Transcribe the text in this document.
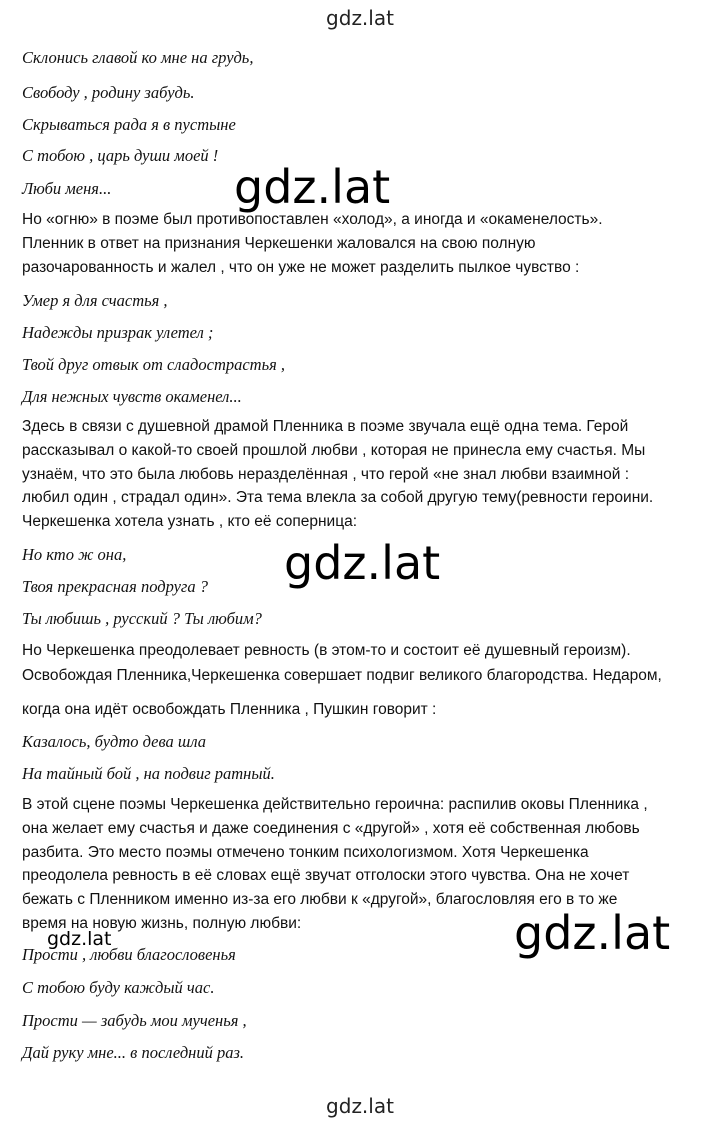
gdz.lat
Склонись главой ко мне на грудь,
Свободу , родину забудь.
Скрываться рада я в пустыне
С тобою , царь души моей !
Люби меня...
Но «огню» в поэме был противопоставлен «холод», а иногда и «окаменелость».
Пленник в ответ на признания Черкешенки жаловался на свою полную
разочарованность и жалел , что он уже не может разделить пылкое чувство :
Умер я для счастья ,
Надежды призрак улетел ;
Твой друг отвык от сладострастья ,
Для нежных чувств окаменел...
Здесь в связи с душевной драмой Пленника в поэме звучала ещё одна тема. Герой
рассказывал о какой-то своей прошлой любви , которая не принесла ему счастья. Мы
узнаём, что это была любовь неразделённая , что герой «не знал любви взаимной :
любил один , страдал один». Эта тема влекла за собой другую тему(ревности героини.
Черкешенка хотела узнать , кто её соперница:
Но кто ж она,
Твоя прекрасная подруга ?
Ты любишь , русский ? Ты любим?
Но Черкешенка преодолевает ревность (в этом-то и состоит её душевный героизм).
Освобождая Пленника,Черкешенка совершает подвиг великого благородства. Недаром,
когда она идёт освобождать Пленника , Пушкин говорит :
Казалось, будто дева шла
На тайный бой , на подвиг ратный.
В этой сцене поэмы Черкешенка действительно героична: распилив оковы Пленника ,
она желает ему счастья и даже соединения с «другой» , хотя её собственная любовь
разбита. Это место поэмы отмечено тонким психологизмом. Хотя Черкешенка
преодолела ревность в её словах ещё звучат отголоски этого чувства. Она не хочет
бежать с Пленником именно из-за его любви к «другой», благословляя его в то же
время на новую жизнь, полную любви:
Прости , любви благословенья
С тобою буду каждый час.
Прости — забудь мои мученья ,
Дай руку мне... в последний раз.
gdz.lat
gdz.lat
gdz.lat
gdz.lat
gdz.lat
